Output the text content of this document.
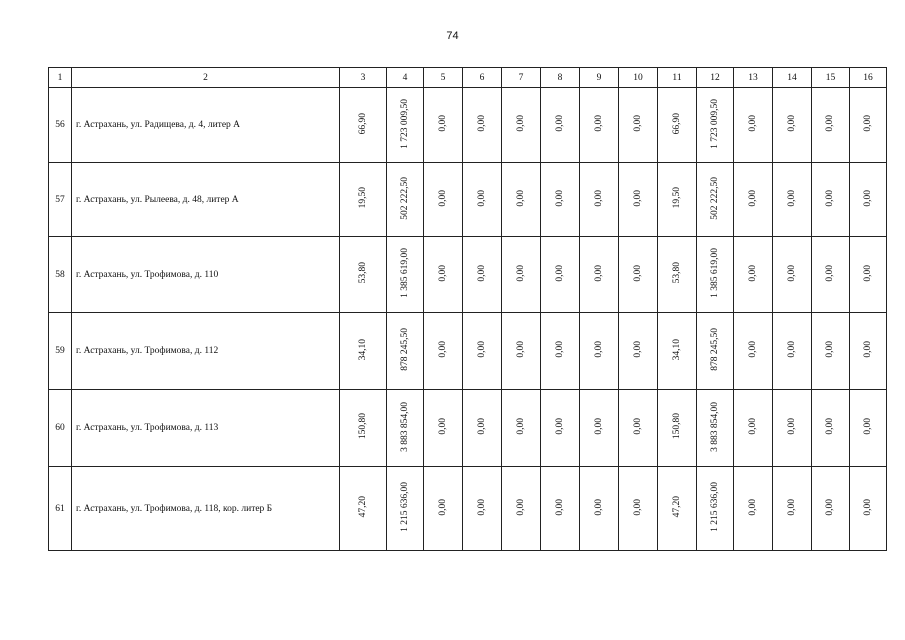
74
1	2	3	4	5	6	7	8	9	10	11	12	13	14	15	16
56	г. Астрахань, ул. Радищева, д. 4, литер А	66,90	1 723 009,50	0,00	0,00	0,00	0,00	0,00	0,00	66,90	1 723 009,50	0,00	0,00	0,00	0,00
57	г. Астрахань, ул. Рылеева, д. 48, литер А	19,50	502 222,50	0,00	0,00	0,00	0,00	0,00	0,00	19,50	502 222,50	0,00	0,00	0,00	0,00
58	г. Астрахань, ул. Трофимова, д. 110	53,80	1 385 619,00	0,00	0,00	0,00	0,00	0,00	0,00	53,80	1 385 619,00	0,00	0,00	0,00	0,00
59	г. Астрахань, ул. Трофимова, д. 112	34,10	878 245,50	0,00	0,00	0,00	0,00	0,00	0,00	34,10	878 245,50	0,00	0,00	0,00	0,00
60	г. Астрахань, ул. Трофимова, д. 113	150,80	3 883 854,00	0,00	0,00	0,00	0,00	0,00	0,00	150,80	3 883 854,00	0,00	0,00	0,00	0,00
61	г. Астрахань, ул. Трофимова, д. 118, кор. литер Б	47,20	1 215 636,00	0,00	0,00	0,00	0,00	0,00	0,00	47,20	1 215 636,00	0,00	0,00	0,00	0,00
